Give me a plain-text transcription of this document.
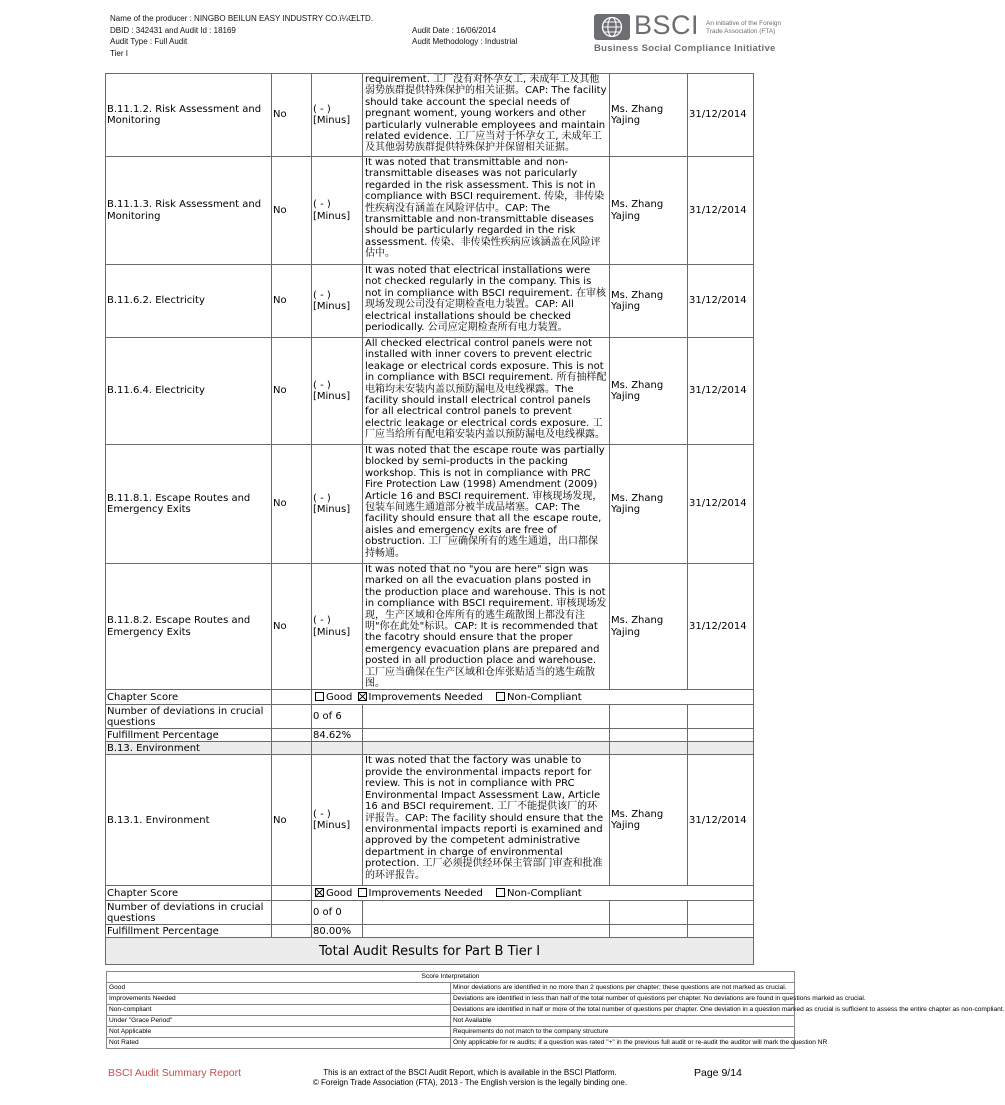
Name of the producer : NINGBO BEILUN EASY INDUSTRY CO.ï¼ŒLTD.
DBID : 342431 and Audit Id : 18169
Audit Type : Full Audit
Tier I
Audit Date : 16/06/2014
Audit Methodology : Industrial
BSCI An initiative of the Foreign Trade Association (FTA)
Business Social Compliance Initiative
B.11.1.2. Risk Assessment and Monitoring	No	( - ) [Minus]	requirement. 工厂没有对怀孕女工, 未成年工及其他弱势族群提供特殊保护的相关证据。CAP: The facility should take account the special needs of pregnant woment, young workers and other particularly vulnerable employees and maintain related evidence. 工厂应当对于怀孕女工, 未成年工及其他弱势族群提供特殊保护并保留相关证据。	Ms. Zhang Yajing	31/12/2014
B.11.1.3. Risk Assessment and Monitoring	No	( - ) [Minus]	It was noted that transmittable and non-transmittable diseases was not paricularly regarded in the risk assessment. This is not in compliance with BSCI requirement. 传染，非传染性疾病没有涵盖在风险评估中。CAP: The transmittable and non-transmittable diseases should be particularly regarded in the risk assessment. 传染、非传染性疾病应该涵盖在风险评估中。	Ms. Zhang Yajing	31/12/2014
B.11.6.2. Electricity	No	( - ) [Minus]	It was noted that electrical installations were not checked regularly in the company. This is not in compliance with BSCI requirement. 在审核现场发现公司没有定期检查电力装置。CAP: All electrical installations should be checked periodically. 公司应定期检查所有电力装置。	Ms. Zhang Yajing	31/12/2014
B.11.6.4. Electricity	No	( - ) [Minus]	All checked electrical control panels were not installed with inner covers to prevent electric leakage or electrical cords exposure. This is not in compliance with BSCI requirement. 所有抽样配电箱均未安装内盖以预防漏电及电线裸露。The facility should install electrical control panels for all electrical control panels to prevent electric leakage or electrical cords exposure. 工厂应当给所有配电箱安装内盖以预防漏电及电线裸露。	Ms. Zhang Yajing	31/12/2014
B.11.8.1. Escape Routes and Emergency Exits	No	( - ) [Minus]	It was noted that the escape route was partially blocked by semi-products in the packing workshop. This is not in compliance with PRC Fire Protection Law (1998) Amendment (2009) Article 16 and BSCI requirement. 审核现场发现，包装车间逃生通道部分被半成品堵塞。CAP: The facility should ensure that all the escape route, aisles and emergency exits are free of obstruction. 工厂应确保所有的逃生通道，出口都保持畅通。	Ms. Zhang Yajing	31/12/2014
B.11.8.2. Escape Routes and Emergency Exits	No	( - ) [Minus]	It was noted that no "you are here" sign was marked on all the evacuation plans posted in the production place and warehouse. This is not in compliance with BSCI requirement. 审核现场发现，生产区域和仓库所有的逃生疏散图上都没有注明"你在此处"标识。CAP: It is recommended that the facotry should ensure that the proper emergency evacuation plans are prepared and posted in all production place and warehouse. 工厂应当确保在生产区域和仓库张贴适当的逃生疏散图。	Ms. Zhang Yajing	31/12/2014
Chapter Score		Good Improvements Needed Non-Compliant			
Number of deviations in crucial questions		0 of 6			
Fulfillment Percentage		84.62%			
B.13. Environment					
B.13.1. Environment	No	( - ) [Minus]	It was noted that the factory was unable to provide the environmental impacts report for review. This is not in compliance with PRC Environmental Impact Assessment Law, Article 16 and BSCI requirement. 工厂不能提供该厂的环评报告。CAP: The facility should ensure that the environmental impacts reporti is examined and approved by the competent administrative department in charge of environmental protection. 工厂必须提供经环保主管部门审查和批准的环评报告。	Ms. Zhang Yajing	31/12/2014
Chapter Score		Good Improvements Needed Non-Compliant			
Number of deviations in crucial questions		0 of 0			
Fulfillment Percentage		80.00%			
Total Audit Results for Part B Tier I					
Score Interpretation	
Good	Minor deviations are identified in no more than 2 questions per chapter; these questions are not marked as crucial.
Improvements Needed	Deviations are identified in less than half of the total number of questions per chapter. No deviations are found in questions marked as crucial.
Non-compliant	Deviations are identified in half or more of the total number of questions per chapter. One deviation in a question marked as crucial is sufficient to assess the entire chapter as non-compliant.
Under "Grace Period"	Not Available
Not Applicable	Requirements do not match to the company structure
Not Rated	Only applicable for re audits; if a question was rated "+" in the previous full audit or re-audit the auditor will mark the question NR
BSCI Audit Summary Report	This is an extract of the BSCI Audit Report, which is available in the BSCI Platform.
© Foreign Trade Association (FTA), 2013 - The English version is the legally binding one.
Page 9/14
